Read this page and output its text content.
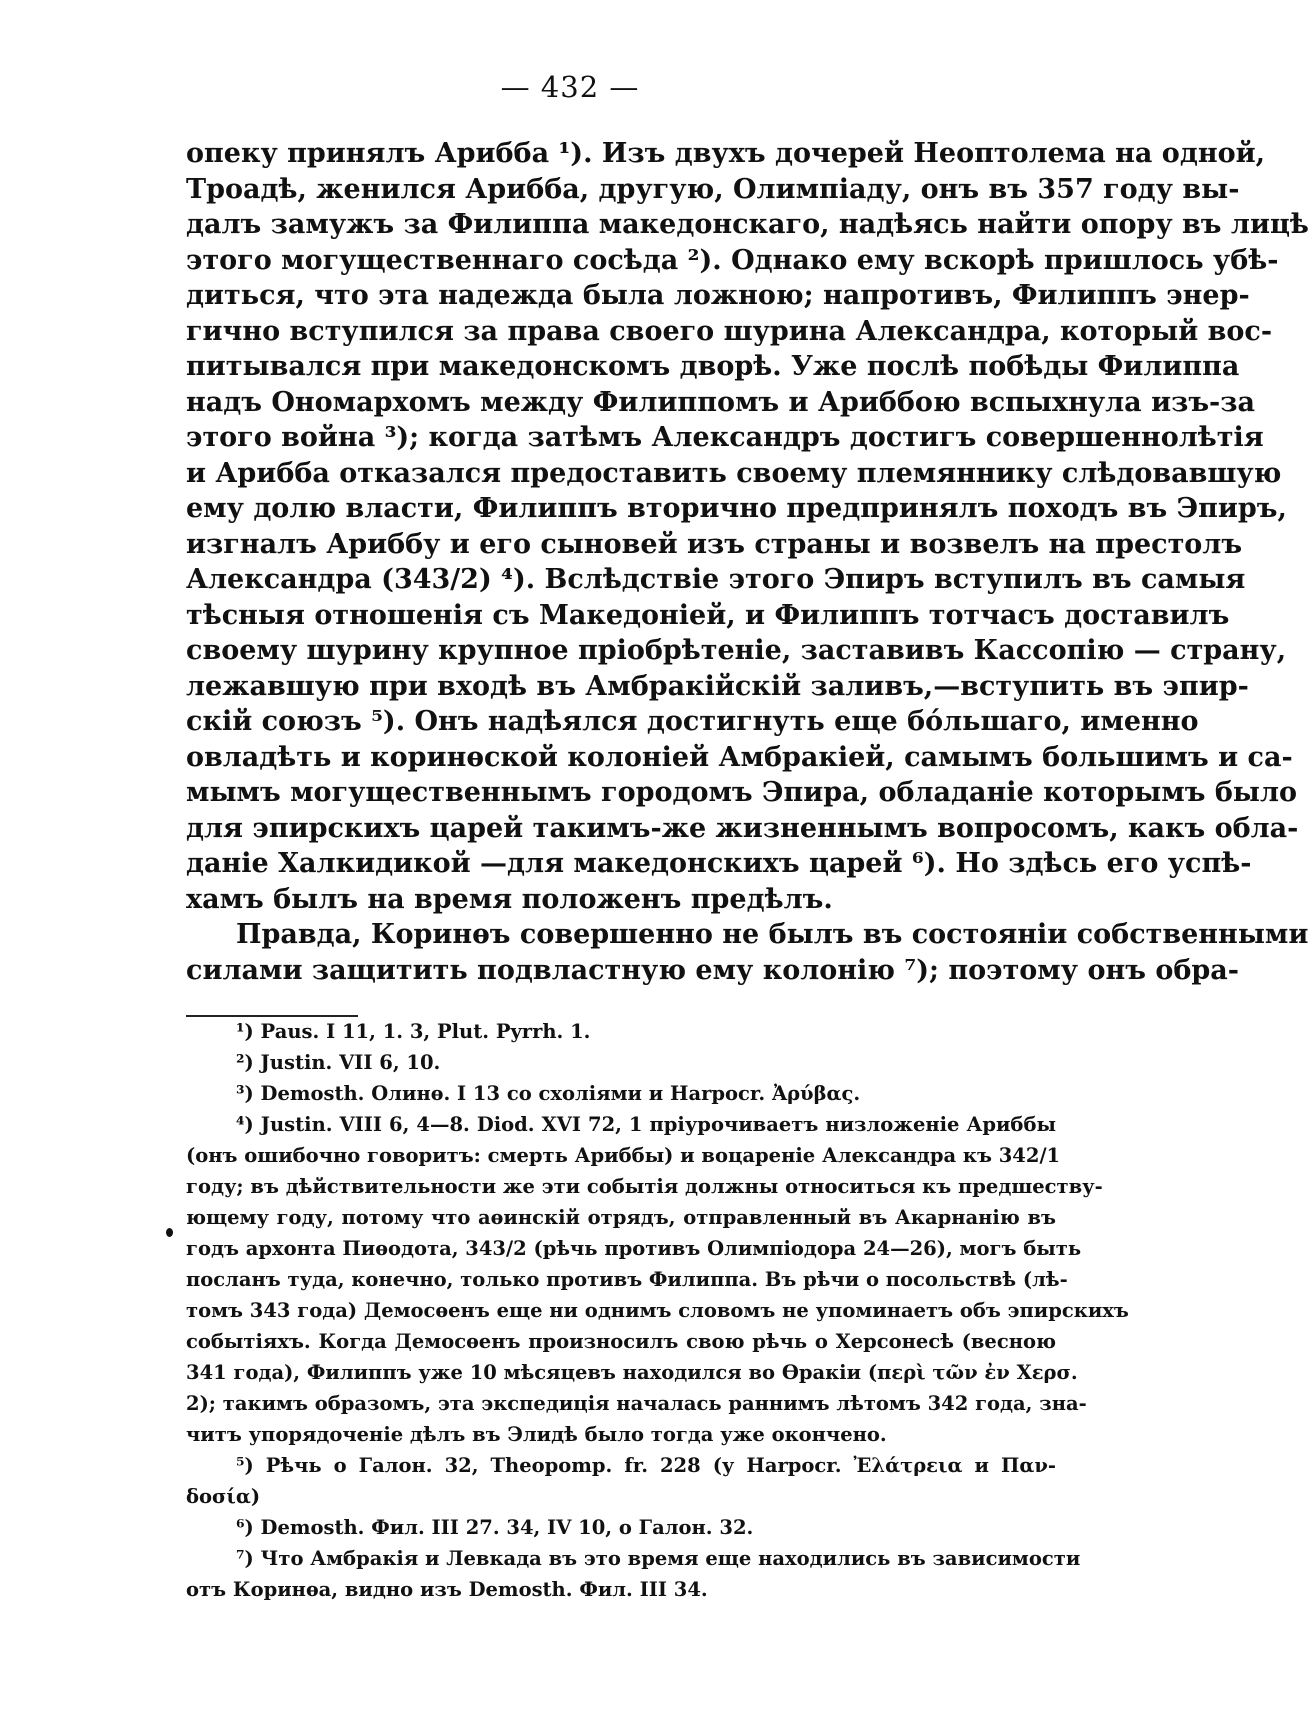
— 432 —
опеку принялъ Арибба ¹). Изъ двухъ дочерей Неоптолема на одной,
Троадѣ, женился Арибба, другую, Олимпіаду, онъ въ 357 году вы-
далъ замужъ за Филиппа македонскаго, надѣясь найти опору въ лицѣ
этого могущественнаго сосѣда ²). Однако ему вскорѣ пришлось убѣ-
диться, что эта надежда была ложною; напротивъ, Филиппъ энер-
гично вступился за права своего шурина Александра, который вос-
питывался при македонскомъ дворѣ. Уже послѣ побѣды Филиппа
надъ Ономархомъ между Филиппомъ и Ариббою вспыхнула изъ-за
этого война ³); когда затѣмъ Александръ достигъ совершеннолѣтія
и Арибба отказался предоставить своему племяннику слѣдовавшую
ему долю власти, Филиппъ вторично предпринялъ походъ въ Эпиръ,
изгналъ Ариббу и его сыновей изъ страны и возвелъ на престолъ
Александра (343/2) ⁴). Вслѣдствіе этого Эпиръ вступилъ въ самыя
тѣсныя отношенія съ Македоніей, и Филиппъ тотчасъ доставилъ
своему шурину крупное пріобрѣтеніе, заставивъ Кассопію — страну,
лежавшую при входѣ въ Амбракійскій заливъ,—вступить въ эпир-
скій союзъ ⁵). Онъ надѣялся достигнуть еще бóльшаго, именно
овладѣть и коринѳской колоніей Амбракіей, самымъ большимъ и са-
мымъ могущественнымъ городомъ Эпира, обладаніе которымъ было
для эпирскихъ царей такимъ-же жизненнымъ вопросомъ, какъ обла-
даніе Халкидикой —для македонскихъ царей ⁶). Но здѣсь его успѣ-
хамъ былъ на время положенъ предѣлъ.
Правда, Коринѳъ совершенно не былъ въ состояніи собственными
силами защитить подвластную ему колонію ⁷); поэтому онъ обра-
¹) Paus. I 11, 1. 3, Plut. Pyrrh. 1.
²) Justin. VII 6, 10.
³) Demosth. Олинѳ. I 13 со схоліями и Harpocr. Ἀρύβας.
⁴) Justin. VIII 6, 4—8. Diod. XVI 72, 1 пріурочиваетъ низложеніе Ариббы
(онъ ошибочно говоритъ: смерть Ариббы) и воцареніе Александра къ 342/1
году; въ дѣйствительности же эти событія должны относиться къ предшеству-
ющему году, потому что аѳинскій отрядъ, отправленный въ Акарнанію въ
годъ архонта Пиѳодота, 343/2 (рѣчь противъ Олимпіодора 24—26), могъ быть
посланъ туда, конечно, только противъ Филиппа. Въ рѣчи о посольствѣ (лѣ-
томъ 343 года) Демосѳенъ еще ни однимъ словомъ не упоминаетъ объ эпирскихъ
событіяхъ. Когда Демосѳенъ произносилъ свою рѣчь о Херсонесѣ (весною
341 года), Филиппъ уже 10 мѣсяцевъ находился во Ѳракіи (περὶ τῶν ἐν Χερσ.
2); такимъ образомъ, эта экспедиція началась раннимъ лѣтомъ 342 года, зна-
читъ упорядоченіе дѣлъ въ Элидѣ было тогда уже окончено.
⁵) Рѣчь о Галон. 32, Theopomp. fr. 228 (у Harpocr. Ἐλάτρεια и Παν-
δοσία)
⁶) Demosth. Фил. III 27. 34, IV 10, о Галон. 32.
⁷) Что Амбракія и Левкада въ это время еще находились въ зависимости
отъ Коринѳа, видно изъ Demosth. Фил. III 34.
